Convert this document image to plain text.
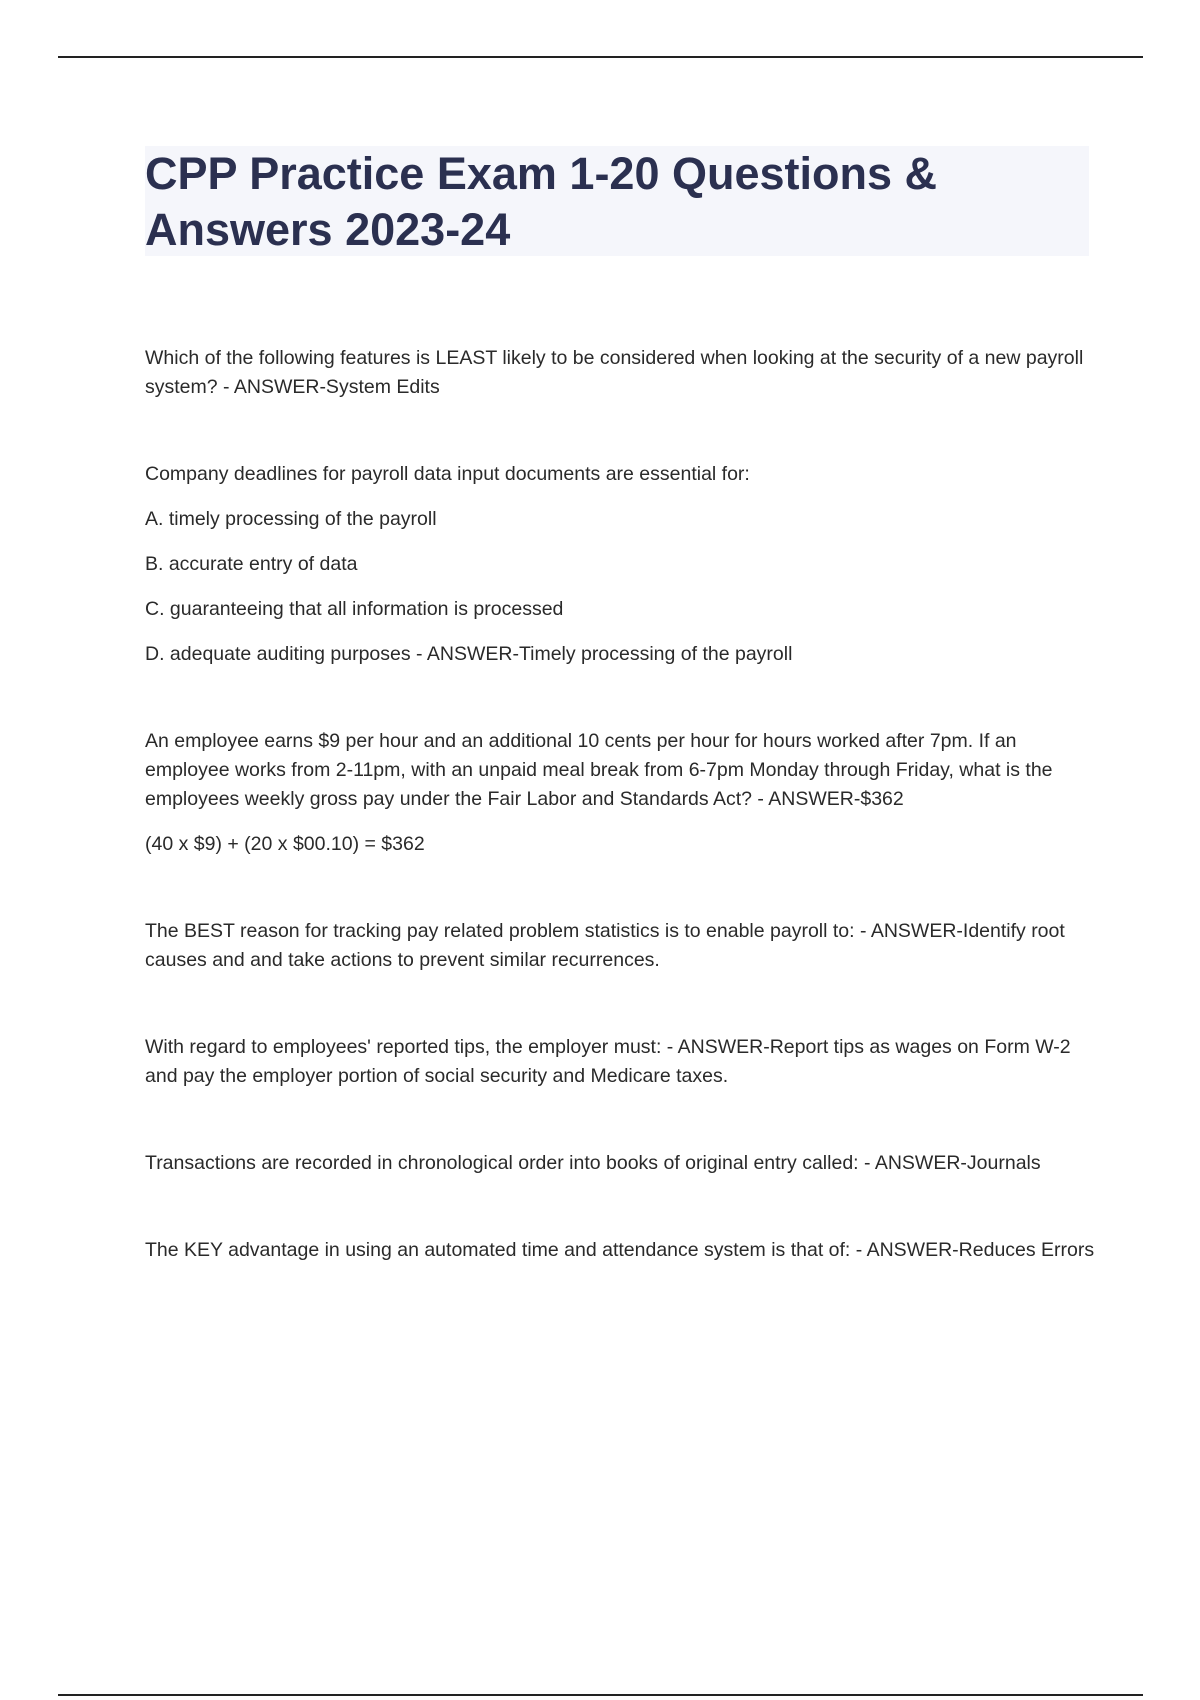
CPP Practice Exam 1-20 Questions &
Answers 2023-24

Which of the following features is LEAST likely to be considered when looking at the security of a new payroll system? - ANSWER-System Edits

Company deadlines for payroll data input documents are essential for:

A. timely processing of the payroll

B. accurate entry of data

C. guaranteeing that all information is processed

D. adequate auditing purposes - ANSWER-Timely processing of the payroll

An employee earns $9 per hour and an additional 10 cents per hour for hours worked after 7pm. If an employee works from 2-11pm, with an unpaid meal break from 6-7pm Monday through Friday, what is the employees weekly gross pay under the Fair Labor and Standards Act? - ANSWER-$362

(40 x $9) + (20 x $00.10) = $362

The BEST reason for tracking pay related problem statistics is to enable payroll to: - ANSWER-Identify root causes and and take actions to prevent similar recurrences.

With regard to employees' reported tips, the employer must: - ANSWER-Report tips as wages on Form W-2 and pay the employer portion of social security and Medicare taxes.

Transactions are recorded in chronological order into books of original entry called: - ANSWER-Journals

The KEY advantage in using an automated time and attendance system is that of: - ANSWER-Reduces Errors
